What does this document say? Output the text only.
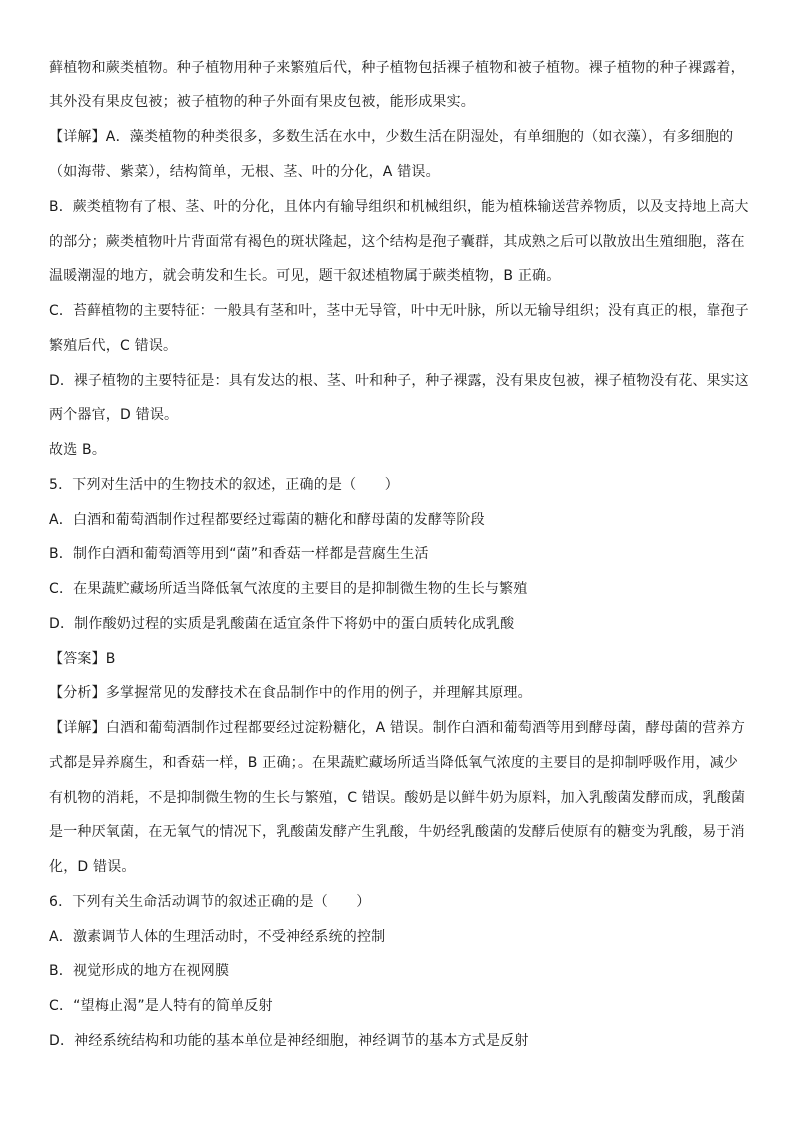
藓植物和蕨类植物。种子植物用种子来繁殖后代，种子植物包括裸子植物和被子植物。裸子植物的种子裸露着，
其外没有果皮包被；被子植物的种子外面有果皮包被，能形成果实。
【详解】A．藻类植物的种类很多，多数生活在水中，少数生活在阴湿处，有单细胞的（如衣藻），有多细胞的
（如海带、紫菜），结构简单，无根、茎、叶的分化，A 错误。
B．蕨类植物有了根、茎、叶的分化，且体内有输导组织和机械组织，能为植株输送营养物质，以及支持地上高大
的部分；蕨类植物叶片背面常有褐色的斑状隆起，这个结构是孢子囊群，其成熟之后可以散放出生殖细胞，落在
温暖潮湿的地方，就会萌发和生长。可见，题干叙述植物属于蕨类植物，B 正确。
C．苔藓植物的主要特征：一般具有茎和叶，茎中无导管，叶中无叶脉，所以无输导组织；没有真正的根，靠孢子
繁殖后代，C 错误。
D．裸子植物的主要特征是：具有发达的根、茎、叶和种子，种子裸露，没有果皮包被，裸子植物没有花、果实这
两个器官，D 错误。
故选 B。
5．下列对生活中的生物技术的叙述，正确的是（　　）
A．白酒和葡萄酒制作过程都要经过霉菌的糖化和酵母菌的发酵等阶段
B．制作白酒和葡萄酒等用到“菌”和香菇一样都是营腐生生活
C．在果蔬贮藏场所适当降低氧气浓度的主要目的是抑制微生物的生长与繁殖
D．制作酸奶过程的实质是乳酸菌在适宜条件下将奶中的蛋白质转化成乳酸
【答案】B
【分析】多掌握常见的发酵技术在食品制作中的作用的例子，并理解其原理。
【详解】白酒和葡萄酒制作过程都要经过淀粉糖化，A 错误。制作白酒和葡萄酒等用到酵母菌，酵母菌的营养方
式都是异养腐生，和香菇一样，B 正确；。在果蔬贮藏场所适当降低氧气浓度的主要目的是抑制呼吸作用，减少
有机物的消耗，不是抑制微生物的生长与繁殖，C 错误。酸奶是以鲜牛奶为原料，加入乳酸菌发酵而成，乳酸菌
是一种厌氧菌，在无氧气的情况下，乳酸菌发酵产生乳酸，牛奶经乳酸菌的发酵后使原有的糖变为乳酸，易于消
化，D 错误。
6．下列有关生命活动调节的叙述正确的是（　　）
A．激素调节人体的生理活动时，不受神经系统的控制
B．视觉形成的地方在视网膜
C．“望梅止渴”是人特有的简单反射
D．神经系统结构和功能的基本单位是神经细胞，神经调节的基本方式是反射
